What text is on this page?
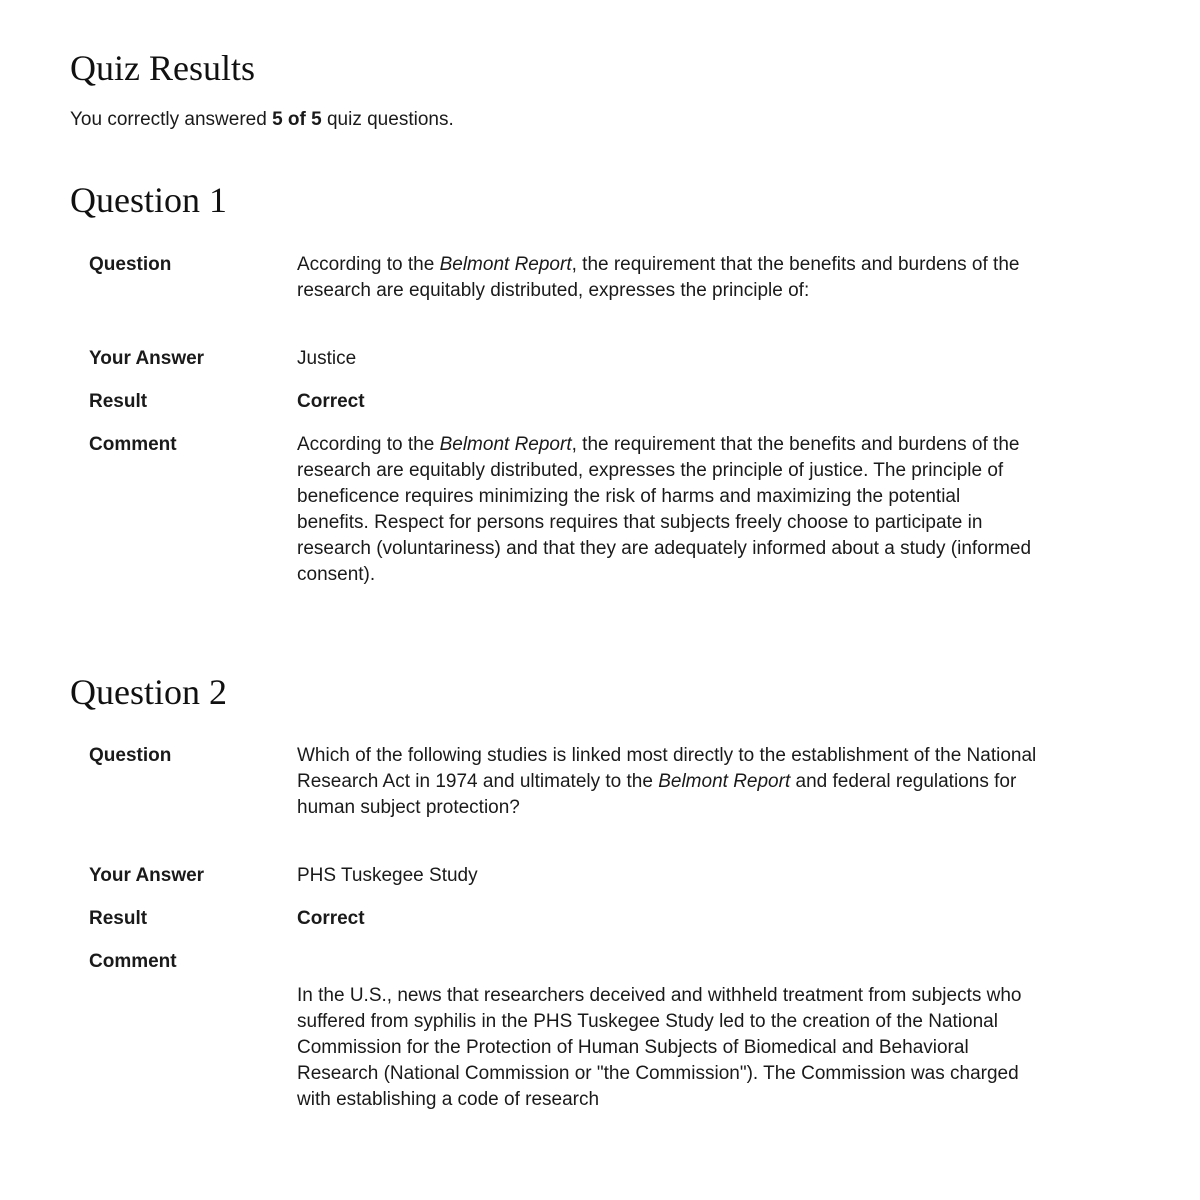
Quiz Results

You correctly answered 5 of 5 quiz questions.

Question 1
Question	According to the Belmont Report, the requirement that the benefits and burdens of the research are equitably distributed, expresses the principle of:
Your Answer	Justice
Result	Correct
Comment	According to the Belmont Report, the requirement that the benefits and burdens of the research are equitably distributed, expresses the principle of justice. The principle of beneficence requires minimizing the risk of harms and maximizing the potential benefits. Respect for persons requires that subjects freely choose to participate in research (voluntariness) and that they are adequately informed about a study (informed consent).
Question 2
Question	Which of the following studies is linked most directly to the establishment of the National Research Act in 1974 and ultimately to the Belmont Report and federal regulations for human subject protection?
Your Answer	PHS Tuskegee Study
Result	Correct
Comment
In the U.S., news that researchers deceived and withheld treatment from subjects who suffered from syphilis in the PHS Tuskegee Study led to the creation of the National Commission for the Protection of Human Subjects of Biomedical and Behavioral Research (National Commission or "the Commission"). The Commission was charged with establishing a code of research
